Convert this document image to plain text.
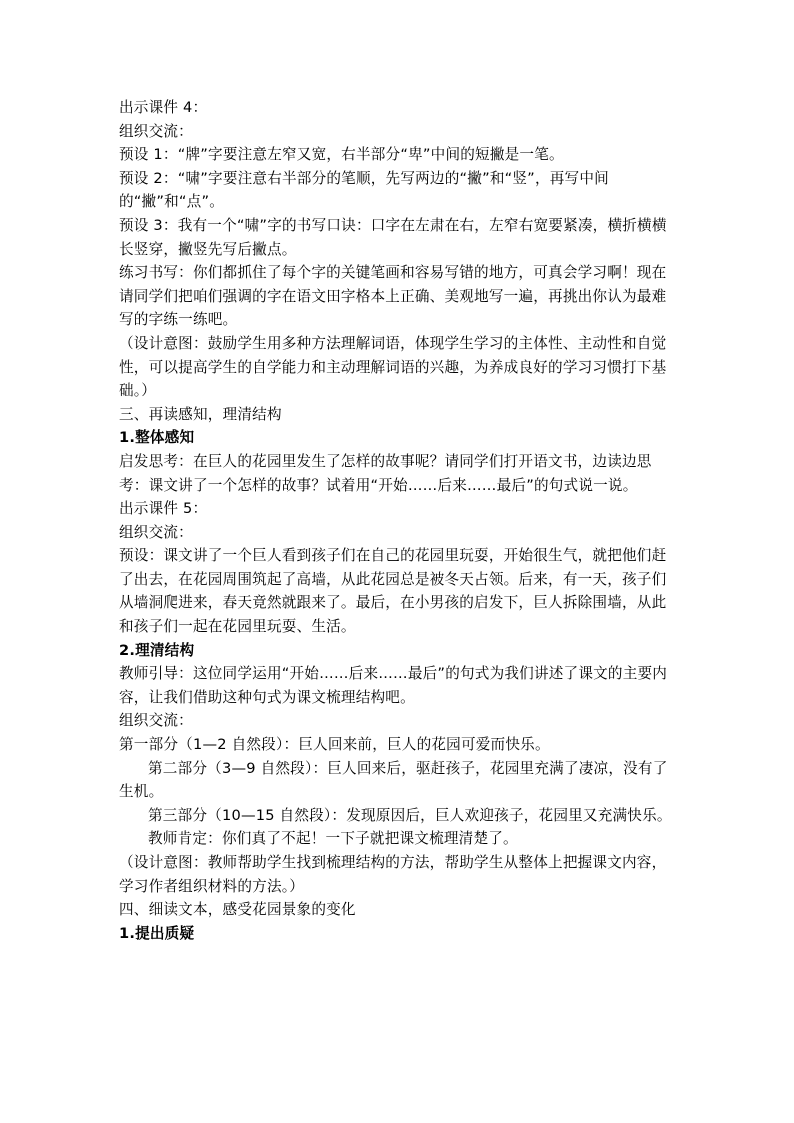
出示课件 4：

组织交流：

预设 1：“牌”字要注意左窄又宽，右半部分“卑”中间的短撇是一笔。

预设 2：“啸”字要注意右半部分的笔顺，先写两边的“撇”和“竖”，再写中间的“撇”和“点”。

预设 3：我有一个“啸”字的书写口诀：口字在左肃在右，左窄右宽要紧凑，横折横横长竖穿，撇竖先写后撇点。

练习书写：你们都抓住了每个字的关键笔画和容易写错的地方，可真会学习啊！现在请同学们把咱们强调的字在语文田字格本上正确、美观地写一遍，再挑出你认为最难写的字练一练吧。

（设计意图：鼓励学生用多种方法理解词语，体现学生学习的主体性、主动性和自觉性，可以提高学生的自学能力和主动理解词语的兴趣，为养成良好的学习习惯打下基础。）

三、再读感知，理清结构

1.整体感知

启发思考：在巨人的花园里发生了怎样的故事呢？请同学们打开语文书，边读边思考：课文讲了一个怎样的故事？试着用“开始……后来……最后”的句式说一说。

出示课件 5：

组织交流：

预设：课文讲了一个巨人看到孩子们在自己的花园里玩耍，开始很生气，就把他们赶了出去，在花园周围筑起了高墙，从此花园总是被冬天占领。后来，有一天，孩子们从墙洞爬进来，春天竟然就跟来了。最后，在小男孩的启发下，巨人拆除围墙，从此和孩子们一起在花园里玩耍、生活。

2.理清结构

教师引导：这位同学运用“开始……后来……最后”的句式为我们讲述了课文的主要内容，让我们借助这种句式为课文梳理结构吧。

组织交流：

第一部分（1—2 自然段）：巨人回来前，巨人的花园可爱而快乐。

第二部分（3—9 自然段）：巨人回来后，驱赶孩子，花园里充满了凄凉，没有了生机。

第三部分（10—15 自然段）：发现原因后，巨人欢迎孩子，花园里又充满快乐。

教师肯定：你们真了不起！一下子就把课文梳理清楚了。

（设计意图：教师帮助学生找到梳理结构的方法，帮助学生从整体上把握课文内容，学习作者组织材料的方法。）

四、细读文本，感受花园景象的变化

1.提出质疑
